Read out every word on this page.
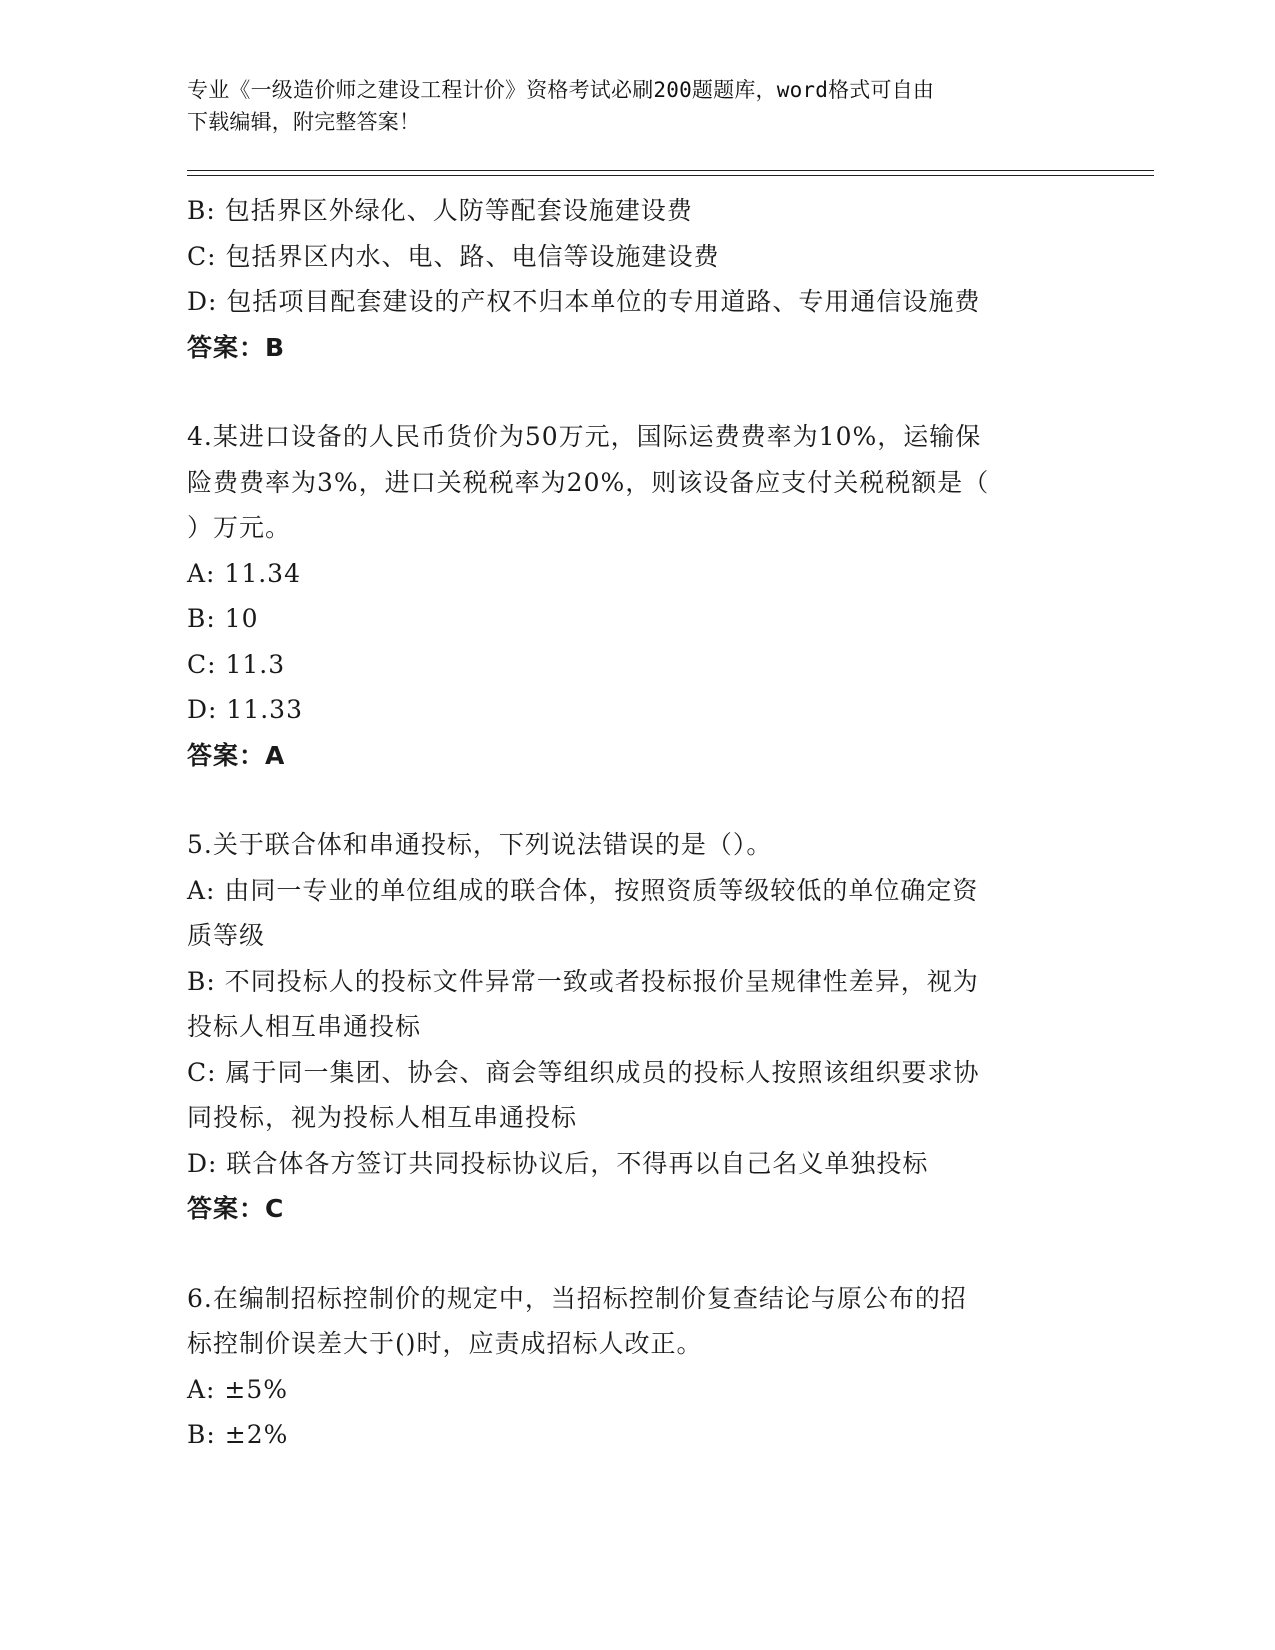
专业《一级造价师之建设工程计价》资格考试必刷200题题库，word格式可自由
下载编辑，附完整答案！
B: 包括界区外绿化、人防等配套设施建设费
C: 包括界区内水、电、路、电信等设施建设费
D: 包括项目配套建设的产权不归本单位的专用道路、专用通信设施费
答案：B
4.某进口设备的人民币货价为50万元，国际运费费率为10%，运输保
险费费率为3%，进口关税税率为20%，则该设备应支付关税税额是（
）万元。
A: 11.34
B: 10
C: 11.3
D: 11.33
答案：A
5.关于联合体和串通投标，下列说法错误的是（）。
A: 由同一专业的单位组成的联合体，按照资质等级较低的单位确定资
质等级
B: 不同投标人的投标文件异常一致或者投标报价呈规律性差异，视为
投标人相互串通投标
C: 属于同一集团、协会、商会等组织成员的投标人按照该组织要求协
同投标，视为投标人相互串通投标
D: 联合体各方签订共同投标协议后，不得再以自己名义单独投标
答案：C
6.在编制招标控制价的规定中，当招标控制价复查结论与原公布的招
标控制价误差大于()时，应责成招标人改正。
A: ±5%
B: ±2%
